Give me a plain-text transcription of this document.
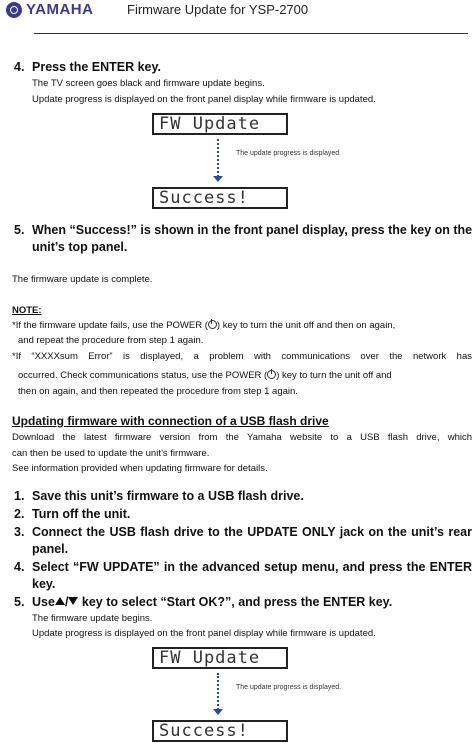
YAMAHA	Firmware Update for YSP-2700
4. Press the ENTER key.
The TV screen goes black and firmware update begins.
Update progress is displayed on the front panel display while firmware is updated.
FW Update
The update progress is displayed.
Success!
5. When “Success!” is shown in the front panel display, press the key on the
unit’s top panel.
The firmware update is complete.
NOTE:
*If the firmware update fails, use the POWER ( ) key to turn the unit off and then on again,
and repeat the procedure from step 1 again.
*If “XXXXsum Error” is displayed, a problem with communications over the network has
occurred. Check communications status, use the POWER ( ) key to turn the unit off and
then on again, and then repeated the procedure from step 1 again.
Updating firmware with connection of a USB flash drive
Download the latest firmware version from the Yamaha website to a USB flash drive, which
can then be used to update the unit’s firmware.
See information provided when updating firmware for details.
1. Save this unit’s firmware to a USB flash drive.
2. Turn off the unit.
3. Connect the USB flash drive to the UPDATE ONLY jack on the unit’s rear
panel.
4. Select “FW UPDATE” in the advanced setup menu, and press the ENTER
key.
5. Use / key to select “Start OK?”, and press the ENTER key.
The firmware update begins.
Update progress is displayed on the front panel display while firmware is updated.
FW Update
The update progress is displayed.
Success!
